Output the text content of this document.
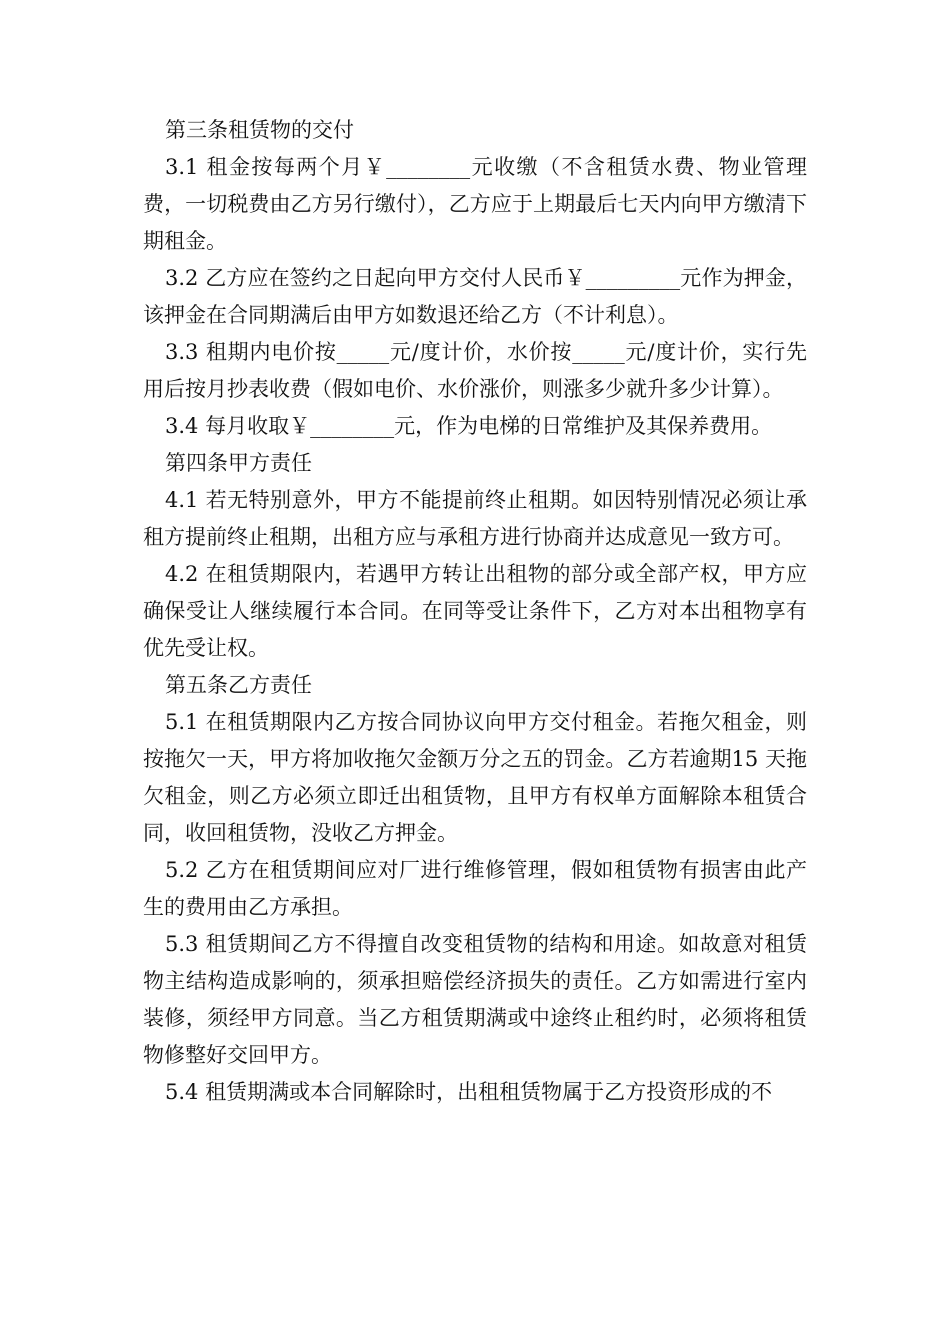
第三条租赁物的交付
3.1 租金按每两个月￥________元收缴（不含租赁水费、物业管理费，一切税费由乙方另行缴付），乙方应于上期最后七天内向甲方缴清下期租金。
3.2 乙方应在签约之日起向甲方交付人民币￥_________元作为押金，该押金在合同期满后由甲方如数退还给乙方（不计利息）。
3.3 租期内电价按_____元/度计价，水价按_____元/度计价，实行先用后按月抄表收费（假如电价、水价涨价，则涨多少就升多少计算）。
3.4 每月收取￥________元，作为电梯的日常维护及其保养费用。
第四条甲方责任
4.1 若无特别意外，甲方不能提前终止租期。如因特别情况必须让承租方提前终止租期，出租方应与承租方进行协商并达成意见一致方可。
4.2 在租赁期限内，若遇甲方转让出租物的部分或全部产权，甲方应确保受让人继续履行本合同。在同等受让条件下，乙方对本出租物享有优先受让权。
第五条乙方责任
5.1 在租赁期限内乙方按合同协议向甲方交付租金。若拖欠租金，则按拖欠一天，甲方将加收拖欠金额万分之五的罚金。乙方若逾期15 天拖欠租金，则乙方必须立即迁出租赁物，且甲方有权单方面解除本租赁合同，收回租赁物，没收乙方押金。
5.2 乙方在租赁期间应对厂进行维修管理，假如租赁物有损害由此产生的费用由乙方承担。
5.3 租赁期间乙方不得擅自改变租赁物的结构和用途。如故意对租赁物主结构造成影响的，须承担赔偿经济损失的责任。乙方如需进行室内装修，须经甲方同意。当乙方租赁期满或中途终止租约时，必须将租赁物修整好交回甲方。
5.4 租赁期满或本合同解除时，出租租赁物属于乙方投资形成的不
